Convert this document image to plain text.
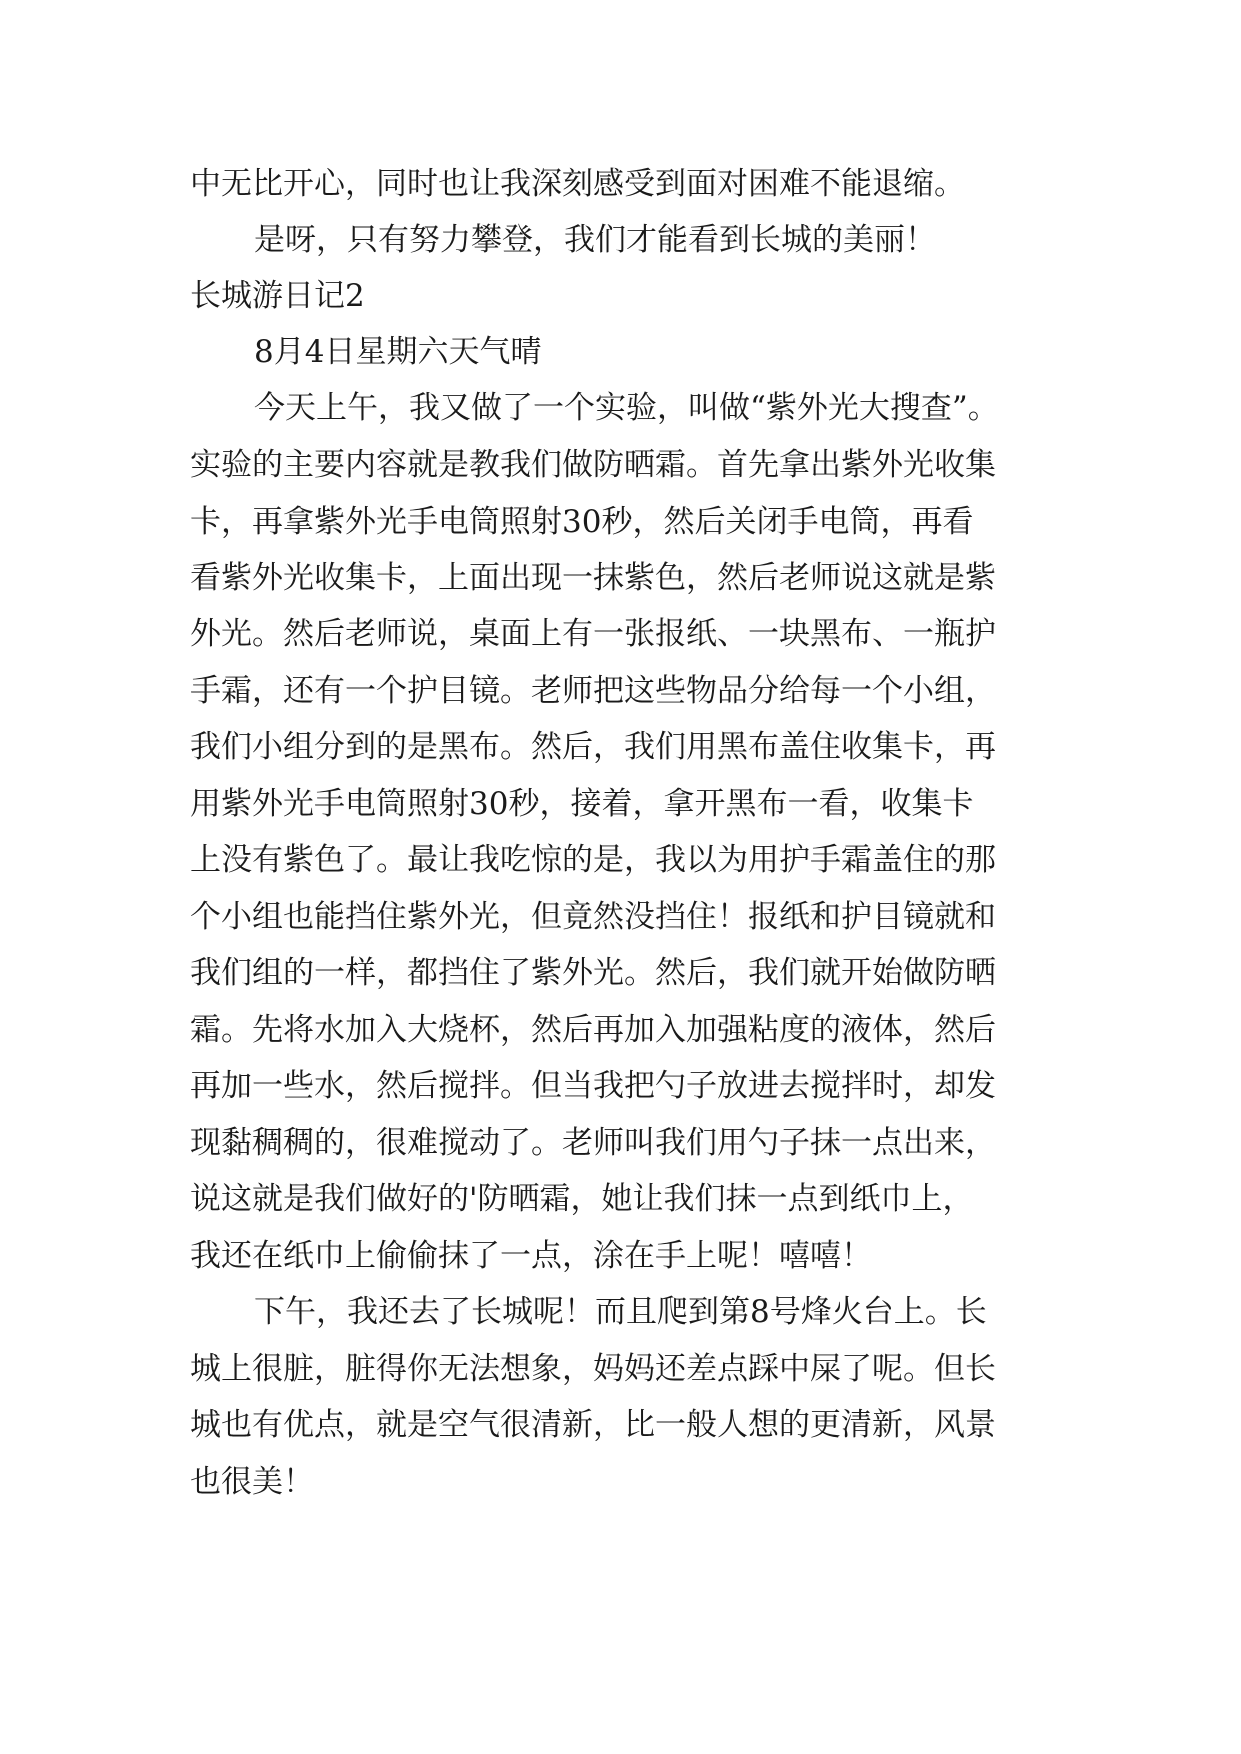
中无比开心，同时也让我深刻感受到面对困难不能退缩。
是呀，只有努力攀登，我们才能看到长城的美丽！
长城游日记2
8月4日星期六天气晴
今天上午，我又做了一个实验，叫做“紫外光大搜查”。
实验的主要内容就是教我们做防晒霜。首先拿出紫外光收集
卡，再拿紫外光手电筒照射30秒，然后关闭手电筒，再看
看紫外光收集卡，上面出现一抹紫色，然后老师说这就是紫
外光。然后老师说，桌面上有一张报纸、一块黑布、一瓶护
手霜，还有一个护目镜。老师把这些物品分给每一个小组，
我们小组分到的是黑布。然后，我们用黑布盖住收集卡，再
用紫外光手电筒照射30秒，接着，拿开黑布一看，收集卡
上没有紫色了。最让我吃惊的是，我以为用护手霜盖住的那
个小组也能挡住紫外光，但竟然没挡住！报纸和护目镜就和
我们组的一样，都挡住了紫外光。然后，我们就开始做防晒
霜。先将水加入大烧杯，然后再加入加强粘度的液体，然后
再加一些水，然后搅拌。但当我把勺子放进去搅拌时，却发
现黏稠稠的，很难搅动了。老师叫我们用勺子抹一点出来，
说这就是我们做好的'防晒霜，她让我们抹一点到纸巾上，
我还在纸巾上偷偷抹了一点，涂在手上呢！嘻嘻！
下午，我还去了长城呢！而且爬到第8号烽火台上。长
城上很脏，脏得你无法想象，妈妈还差点踩中屎了呢。但长
城也有优点，就是空气很清新，比一般人想的更清新，风景
也很美！
